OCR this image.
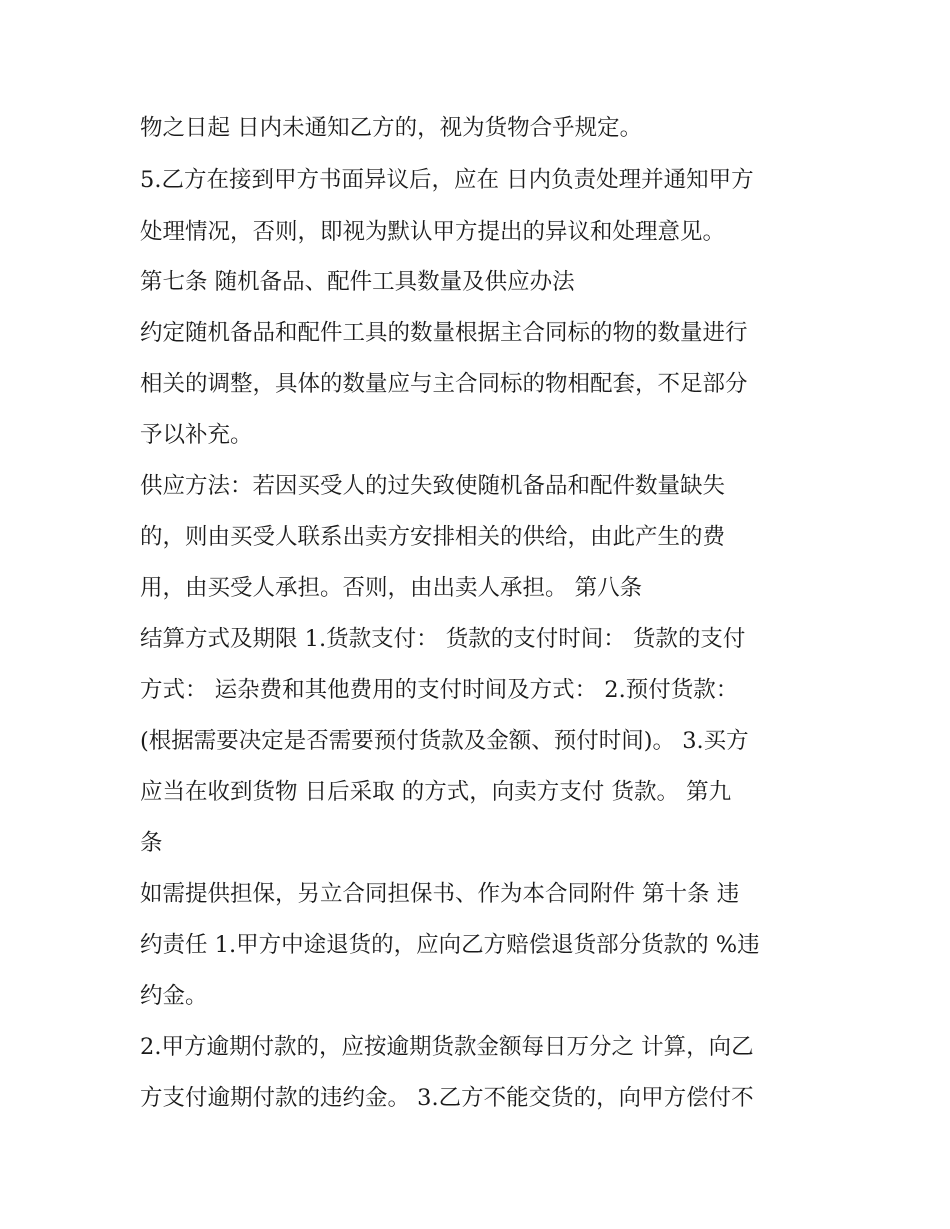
物之日起 日内未通知乙方的，视为货物合乎规定。

5.乙方在接到甲方书面异议后，应在 日内负责处理并通知甲方

处理情况，否则，即视为默认甲方提出的异议和处理意见。

第七条 随机备品、配件工具数量及供应办法

约定随机备品和配件工具的数量根据主合同标的物的数量进行

相关的调整，具体的数量应与主合同标的物相配套，不足部分

予以补充。

供应方法：若因买受人的过失致使随机备品和配件数量缺失

的，则由买受人联系出卖方安排相关的供给，由此产生的费

用，由买受人承担。否则，由出卖人承担。 第八条

结算方式及期限 1.货款支付： 货款的支付时间： 货款的支付

方式： 运杂费和其他费用的支付时间及方式： 2.预付货款：

(根据需要决定是否需要预付货款及金额、预付时间)。 3.买方

应当在收到货物 日后采取 的方式，向卖方支付 货款。 第九

条

如需提供担保，另立合同担保书、作为本合同附件 第十条 违

约责任 1.甲方中途退货的，应向乙方赔偿退货部分货款的 %违

约金。

2.甲方逾期付款的，应按逾期货款金额每日万分之 计算，向乙

方支付逾期付款的违约金。 3.乙方不能交货的，向甲方偿付不
